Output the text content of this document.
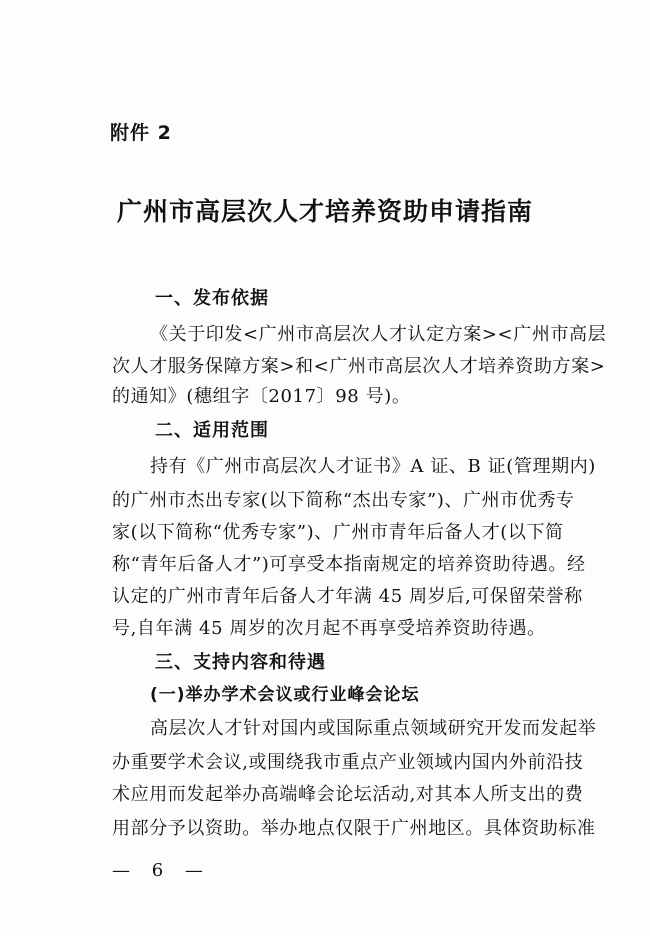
附件 2
广州市高层次人才培养资助申请指南
一、发布依据
《关于印发<广州市高层次人才认定方案><广州市高层
次人才服务保障方案>和<广州市高层次人才培养资助方案>
的通知》(穗组字〔2017〕98 号)。
二、适用范围
持有《广州市高层次人才证书》A 证、B 证(管理期内)
的广州市杰出专家(以下简称“杰出专家”)、广州市优秀专
家(以下简称“优秀专家”)、广州市青年后备人才(以下简
称“青年后备人才”)可享受本指南规定的培养资助待遇。经
认定的广州市青年后备人才年满 45 周岁后,可保留荣誉称
号,自年满 45 周岁的次月起不再享受培养资助待遇。
三、支持内容和待遇
(一)举办学术会议或行业峰会论坛
高层次人才针对国内或国际重点领域研究开发而发起举
办重要学术会议,或围绕我市重点产业领域内国内外前沿技
术应用而发起举办高端峰会论坛活动,对其本人所支出的费
用部分予以资助。举办地点仅限于广州地区。具体资助标准
— 6 —
